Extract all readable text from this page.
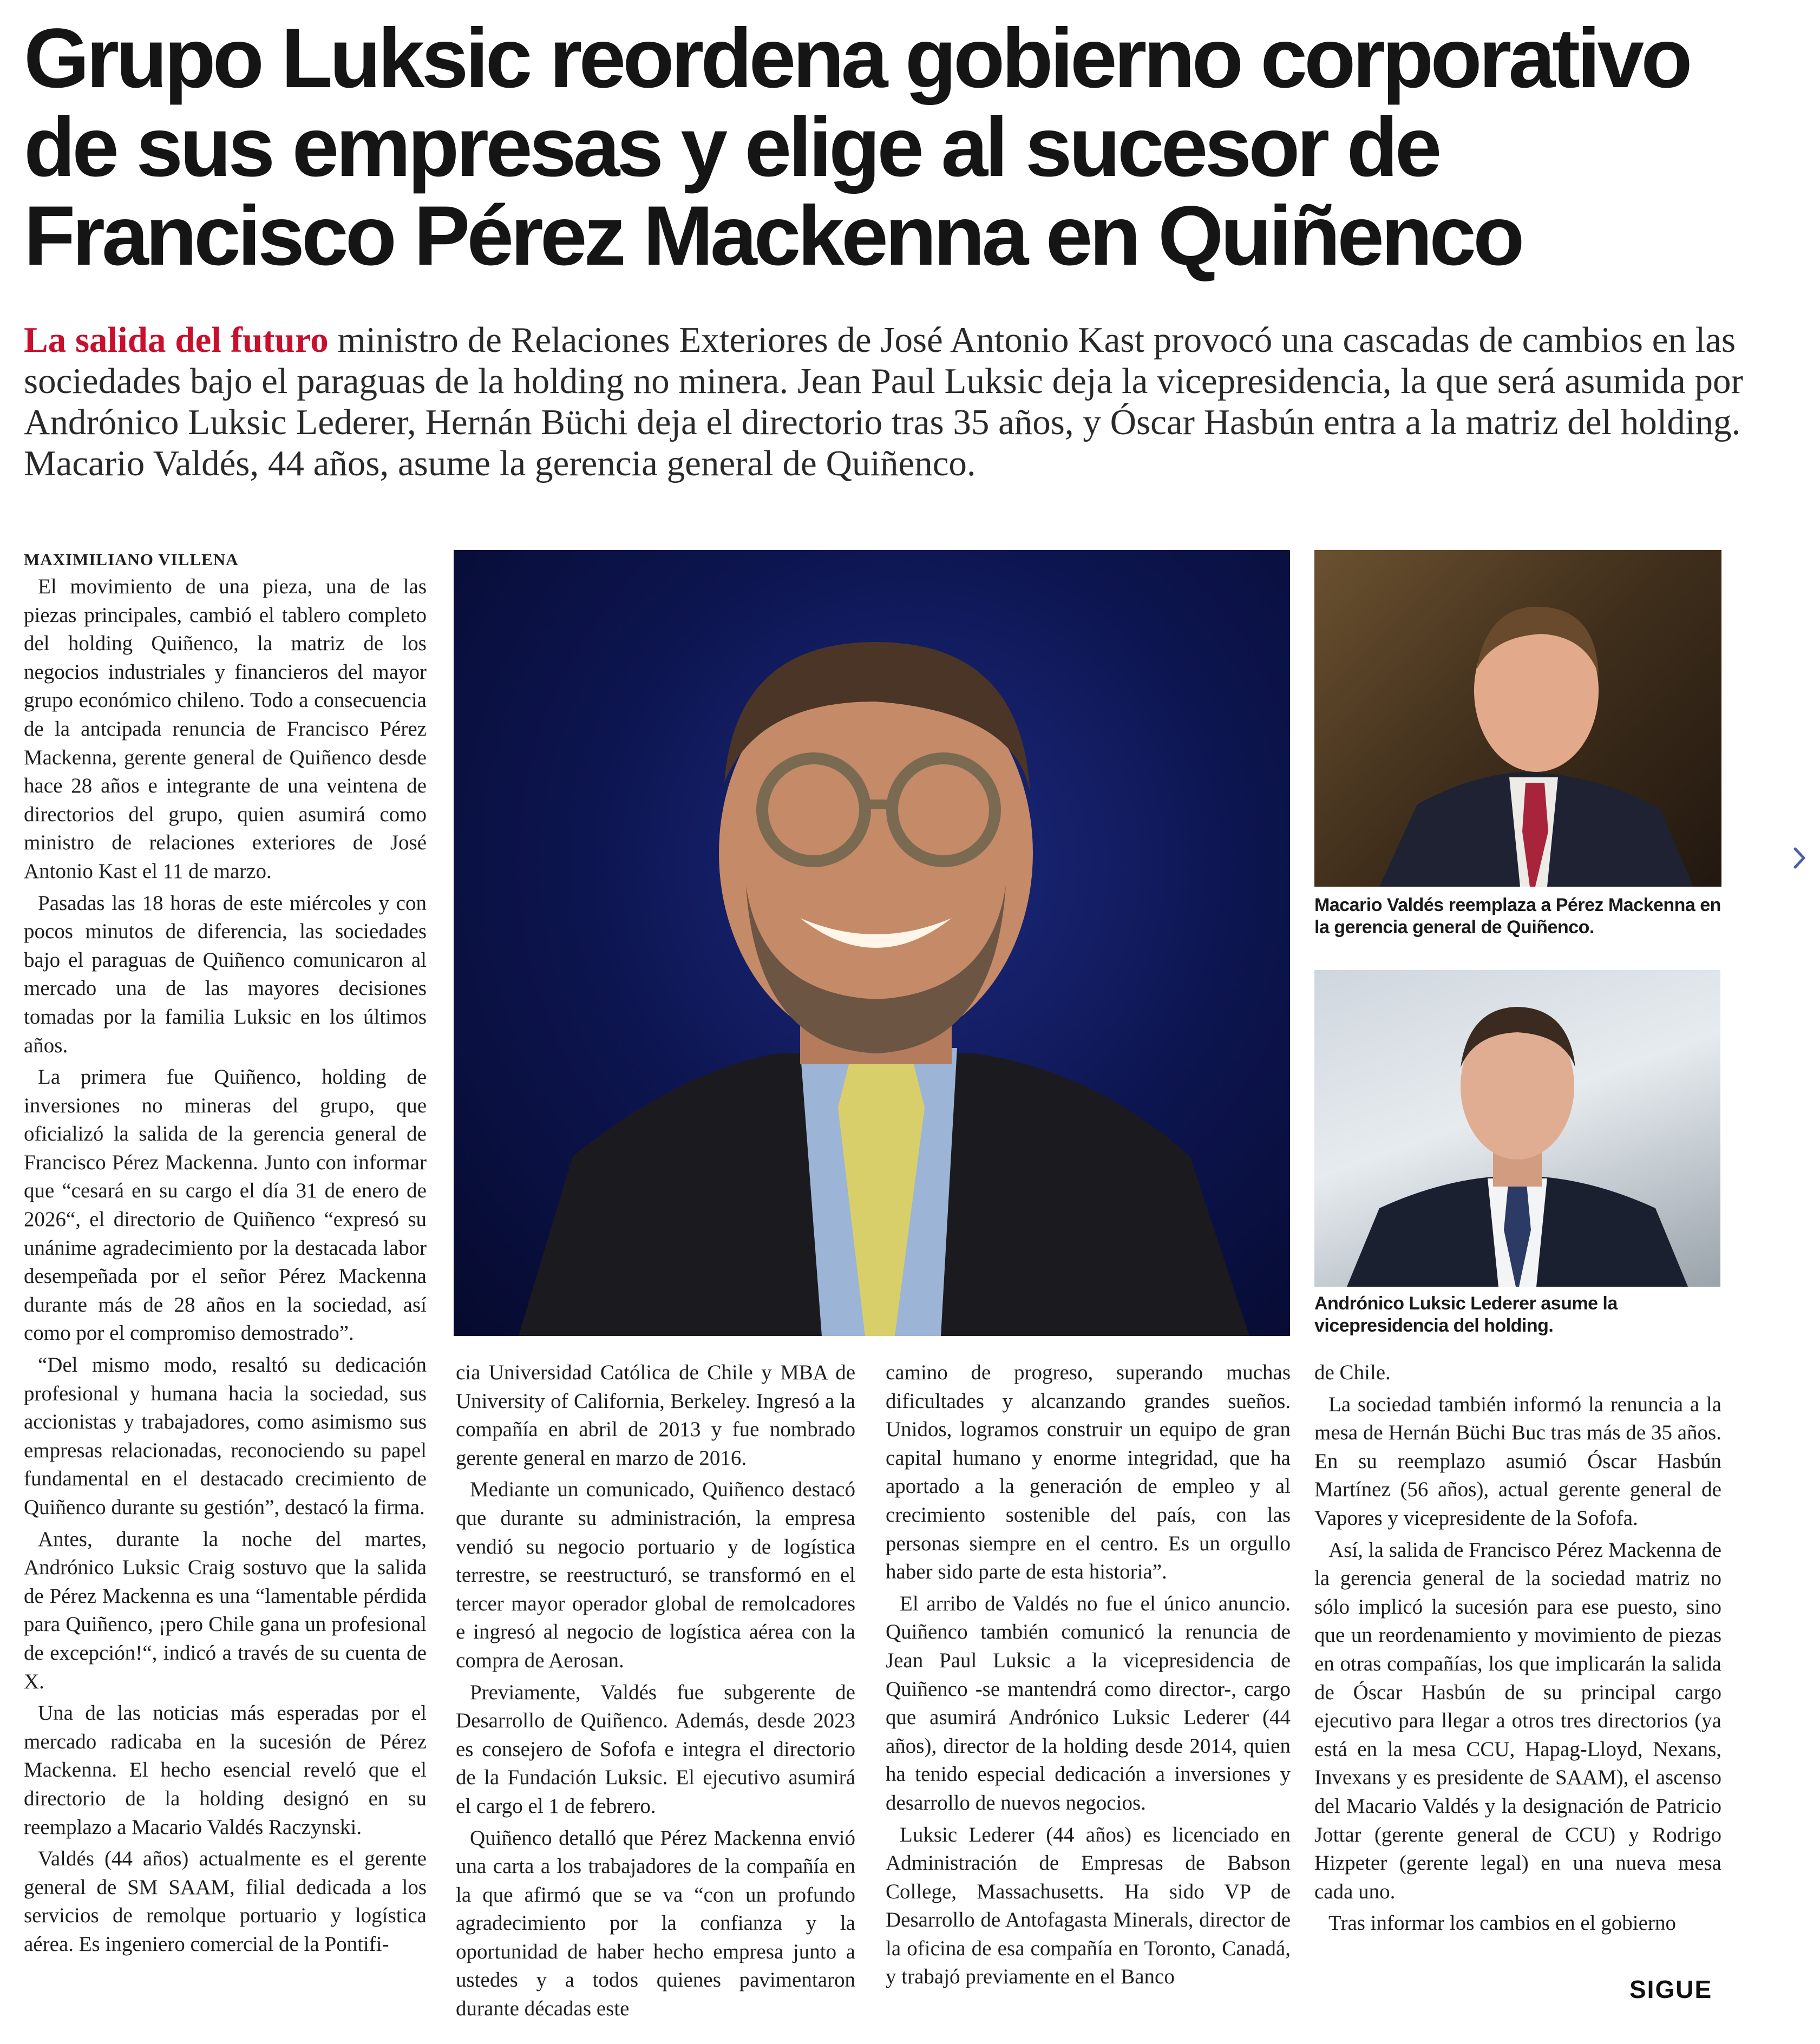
Grupo Luksic reordena gobierno corporativo de sus empresas y elige al sucesor de Francisco Pérez Mackenna en Quiñenco

La salida del futuro ministro de Relaciones Exteriores de José Antonio Kast provocó una cascadas de cambios en las sociedades bajo el paraguas de la holding no minera. Jean Paul Luksic deja la vicepresidencia, la que será asumida por Andrónico Luksic Lederer, Hernán Büchi deja el directorio tras 35 años, y Óscar Hasbún entra a la matriz del holding. Macario Valdés, 44 años, asume la gerencia general de Quiñenco.

MAXIMILIANO VILLENA

El movimiento de una pieza, una de las piezas principales, cambió el tablero completo del holding Quiñenco, la matriz de los negocios industriales y financieros del mayor grupo económico chileno. Todo a consecuencia de la antcipada renuncia de Francisco Pérez Mackenna, gerente general de Quiñenco desde hace 28 años e integrante de una veintena de directorios del grupo, quien asumirá como ministro de relaciones exteriores de José Antonio Kast el 11 de marzo.

Pasadas las 18 horas de este miércoles y con pocos minutos de diferencia, las sociedades bajo el paraguas de Quiñenco comunicaron al mercado una de las mayores decisiones tomadas por la familia Luksic en los últimos años.

La primera fue Quiñenco, holding de inversiones no mineras del grupo, que oficializó la salida de la gerencia general de Francisco Pérez Mackenna. Junto con informar que “cesará en su cargo el día 31 de enero de 2026“, el directorio de Quiñenco “expresó su unánime agradecimiento por la destacada labor desempeñada por el señor Pérez Mackenna durante más de 28 años en la sociedad, así como por el compromiso demostrado”.

“Del mismo modo, resaltó su dedicación profesional y humana hacia la sociedad, sus accionistas y trabajadores, como asimismo sus empresas relacionadas, reconociendo su papel fundamental en el destacado crecimiento de Quiñenco durante su gestión”, destacó la firma.

Antes, durante la noche del martes, Andrónico Luksic Craig sostuvo que la salida de Pérez Mackenna es una “lamentable pérdida para Quiñenco, ¡pero Chile gana un profesional de excepción!“, indicó a través de su cuenta de X.

Una de las noticias más esperadas por el mercado radicaba en la sucesión de Pérez Mackenna. El hecho esencial reveló que el directorio de la holding designó en su reemplazo a Macario Valdés Raczynski.

Valdés (44 años) actualmente es el gerente general de SM SAAM, filial dedicada a los servicios de remolque portuario y logística aérea. Es ingeniero comercial de la Pontifi-

Macario Valdés reemplaza a Pérez Mackenna en la gerencia general de Quiñenco.

Andrónico Luksic Lederer asume la vicepresidencia del holding.

cia Universidad Católica de Chile y MBA de University of California, Berkeley. Ingresó a la compañía en abril de 2013 y fue nombrado gerente general en marzo de 2016.

Mediante un comunicado, Quiñenco destacó que durante su administración, la empresa vendió su negocio portuario y de logística terrestre, se reestructuró, se transformó en el tercer mayor operador global de remolcadores e ingresó al negocio de logística aérea con la compra de Aerosan.

Previamente, Valdés fue subgerente de Desarrollo de Quiñenco. Además, desde 2023 es consejero de Sofofa e integra el directorio de la Fundación Luksic. El ejecutivo asumirá el cargo el 1 de febrero.

Quiñenco detalló que Pérez Mackenna envió una carta a los trabajadores de la compañía en la que afirmó que se va “con un profundo agradecimiento por la confianza y la oportunidad de haber hecho empresa junto a ustedes y a todos quienes pavimentaron durante décadas este

camino de progreso, superando muchas dificultades y alcanzando grandes sueños. Unidos, logramos construir un equipo de gran capital humano y enorme integridad, que ha aportado a la generación de empleo y al crecimiento sostenible del país, con las personas siempre en el centro. Es un orgullo haber sido parte de esta historia”.

El arribo de Valdés no fue el único anuncio. Quiñenco también comunicó la renuncia de Jean Paul Luksic a la vicepresidencia de Quiñenco -se mantendrá como director-, cargo que asumirá Andrónico Luksic Lederer (44 años), director de la holding desde 2014, quien ha tenido especial dedicación a inversiones y desarrollo de nuevos negocios.

Luksic Lederer (44 años) es licenciado en Administración de Empresas de Babson College, Massachusetts. Ha sido VP de Desarrollo de Antofagasta Minerals, director de la oficina de esa compañía en Toronto, Canadá, y trabajó previamente en el Banco

de Chile.

La sociedad también informó la renuncia a la mesa de Hernán Büchi Buc tras más de 35 años. En su reemplazo asumió Óscar Hasbún Martínez (56 años), actual gerente general de Vapores y vicepresidente de la Sofofa.

Así, la salida de Francisco Pérez Mackenna de la gerencia general de la sociedad matriz no sólo implicó la sucesión para ese puesto, sino que un reordenamiento y movimiento de piezas en otras compañías, los que implicarán la salida de Óscar Hasbún de su principal cargo ejecutivo para llegar a otros tres directorios (ya está en la mesa CCU, Hapag-Lloyd, Nexans, Invexans y es presidente de SAAM), el ascenso del Macario Valdés y la designación de Patricio Jottar (gerente general de CCU) y Rodrigo Hizpeter (gerente legal) en una nueva mesa cada uno.

Tras informar los cambios en el gobierno

SIGUE
